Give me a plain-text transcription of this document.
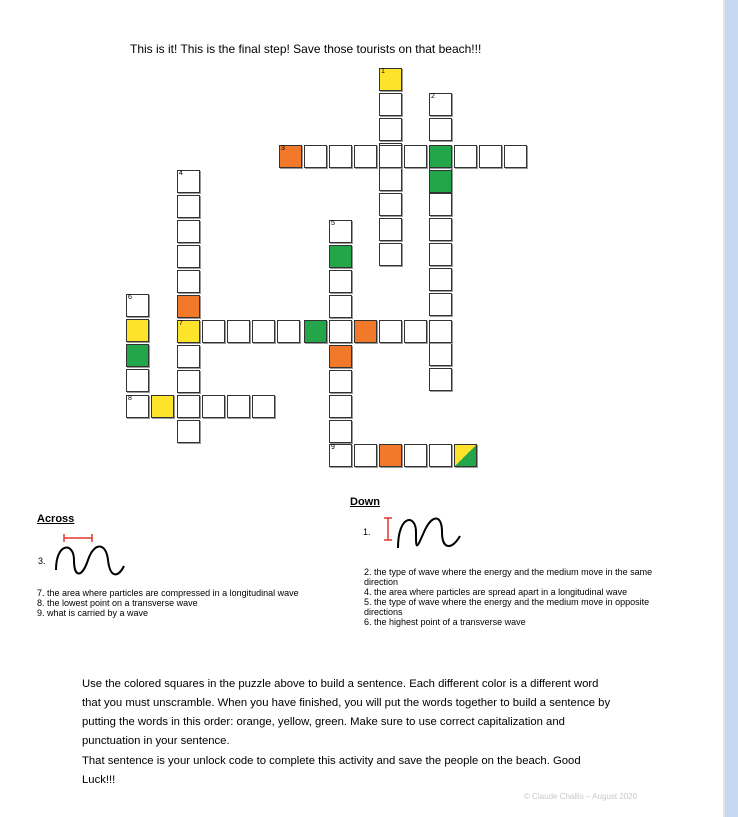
This is it! This is the final step! Save those tourists on that beach!!!
1
2
3
4
5
6
7
8
9
Down
1.
2. the type of wave where the energy and the medium move in the same direction
4. the area where particles are spread apart in a longitudinal wave
5. the type of wave where the energy and the medium move in opposite directions
6. the highest point of a transverse wave
Across
3.
7. the area where particles are compressed in a longitudinal wave
8. the lowest point on a transverse wave
9. what is carried by a wave
Use the colored squares in the puzzle above to build a sentence. Each different color is a different word that you must unscramble. When you have finished, you will put the words together to build a sentence by putting the words in this order: orange, yellow, green. Make sure to use correct capitalization and punctuation in your sentence.
That sentence is your unlock code to complete this activity and save the people on the beach. Good Luck!!!
© Claude Challis – August 2020
